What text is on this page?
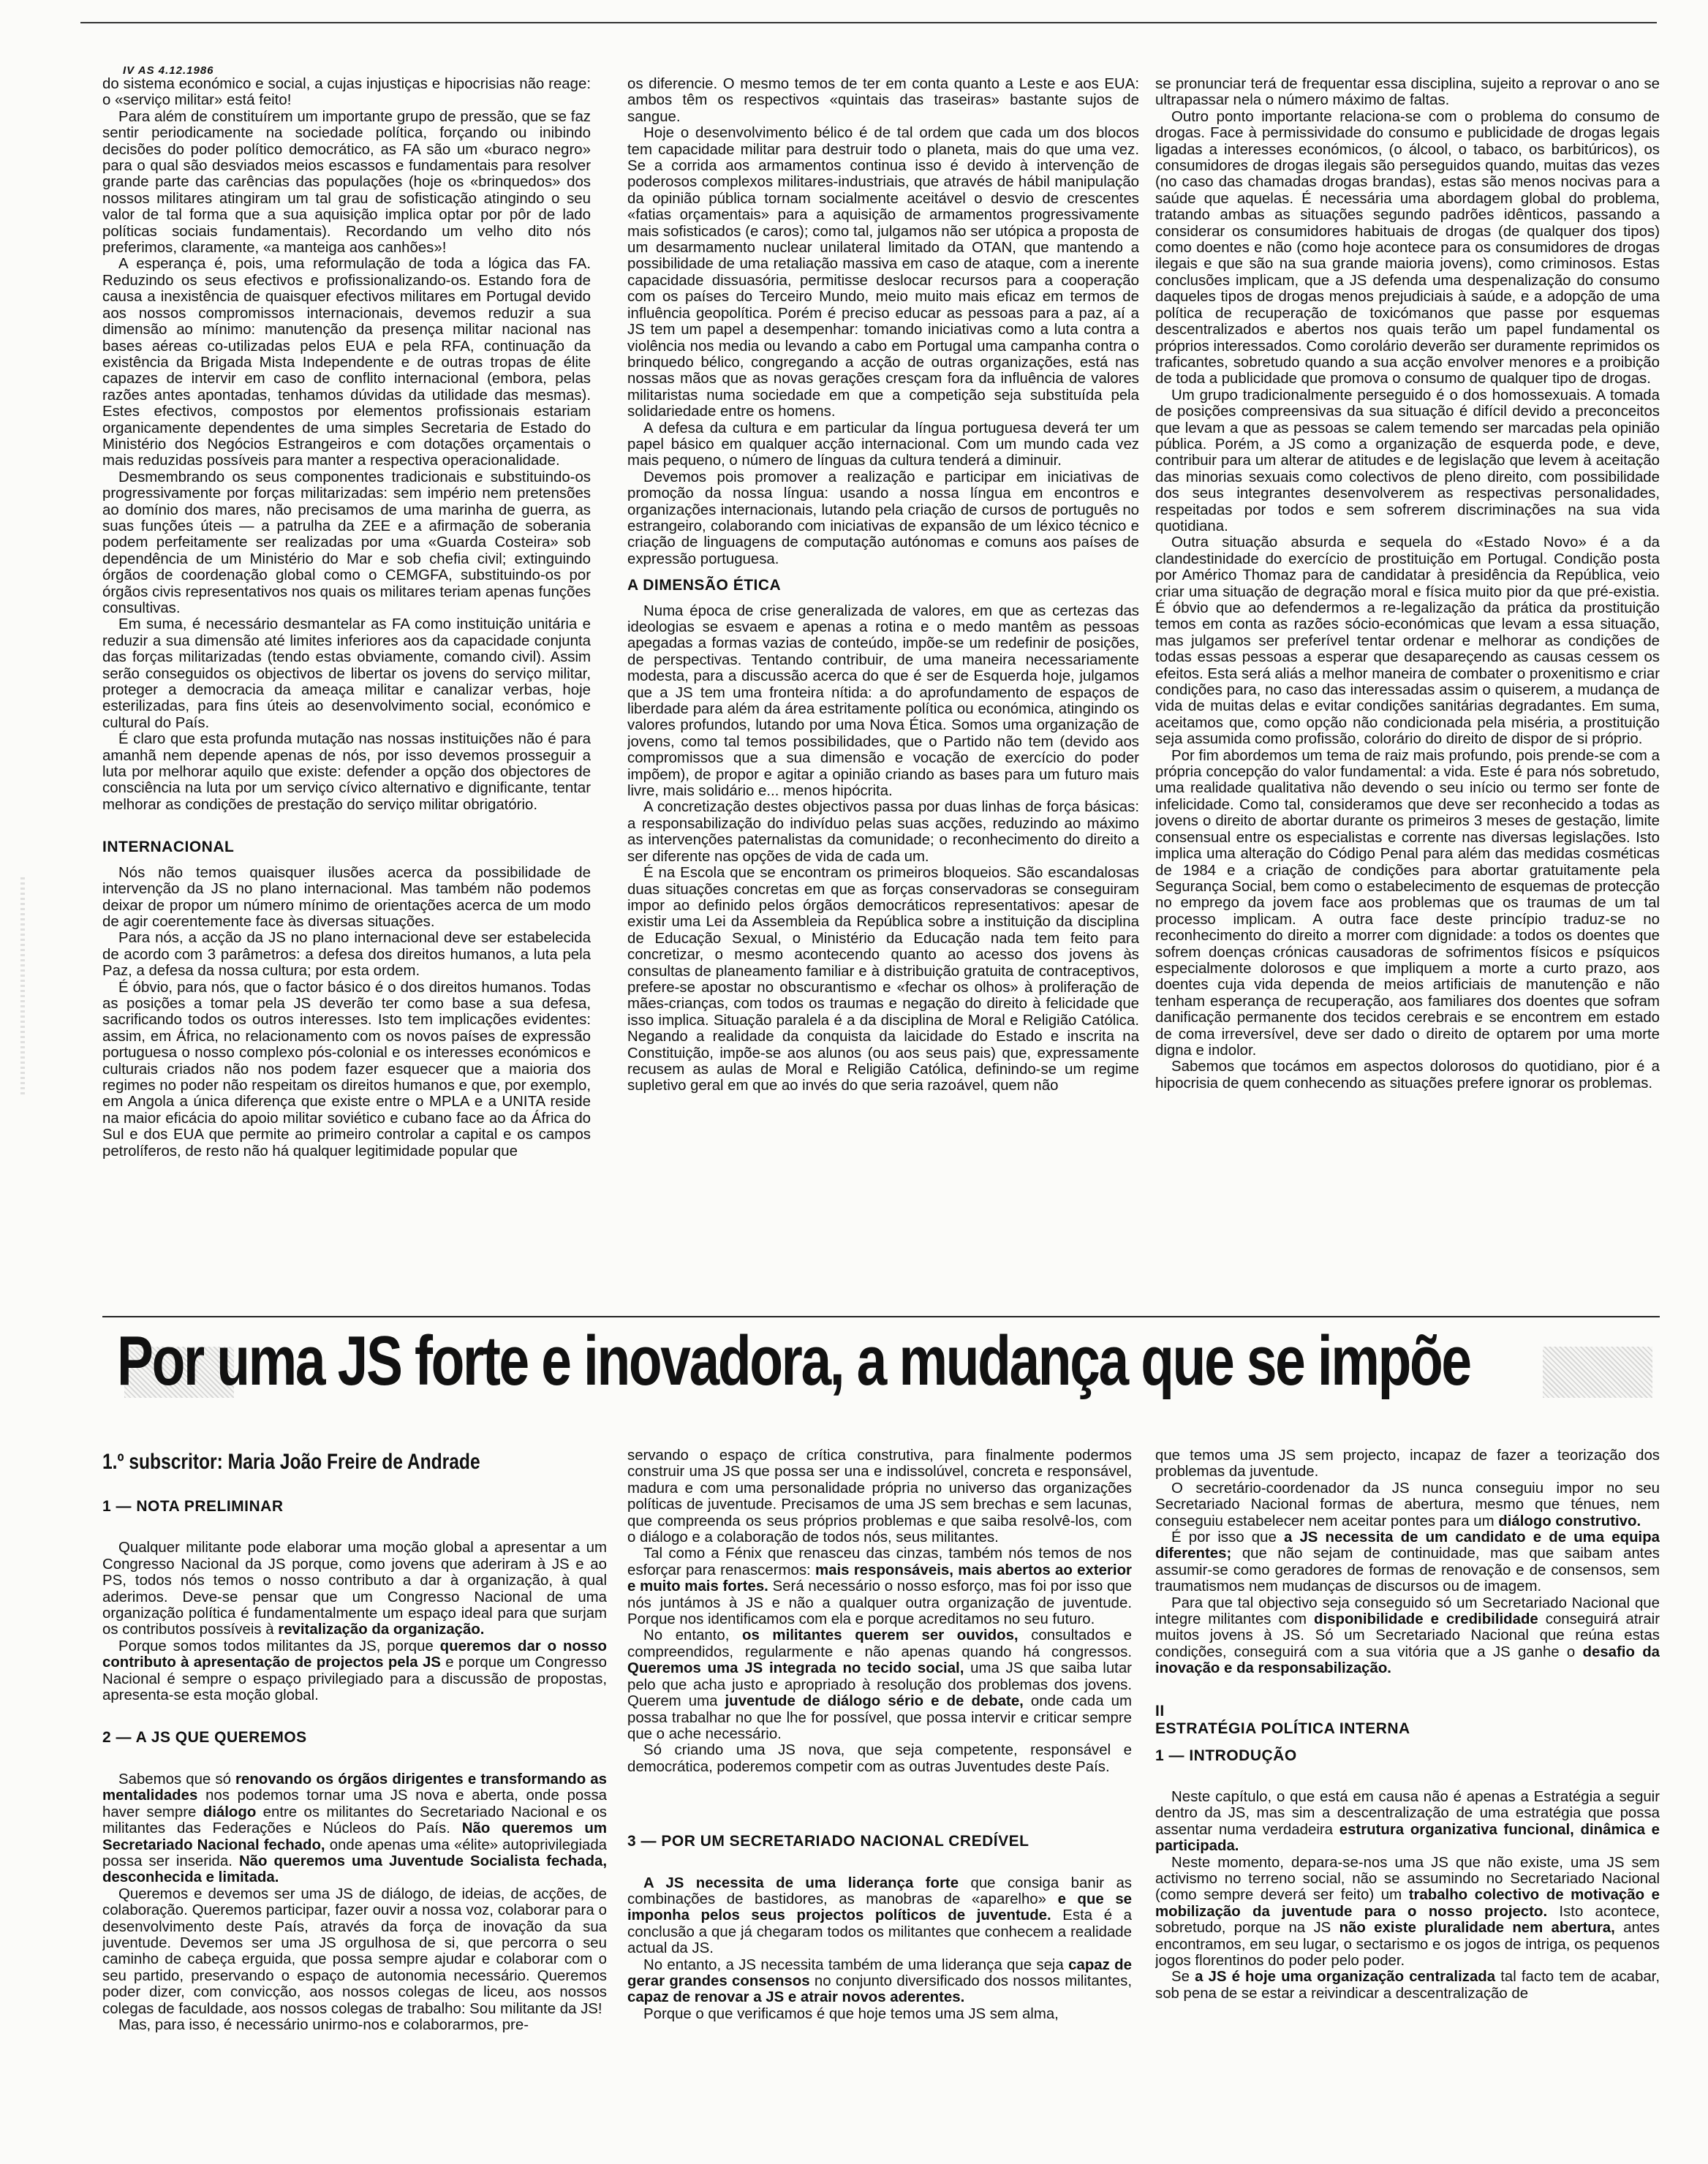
IV AS 4.12.1986

do sistema económico e social, a cujas injustiças e hipocrisias não reage: o «serviço militar» está feito!

Para além de constituírem um importante grupo de pressão, que se faz sentir periodicamente na sociedade política, forçando ou inibindo decisões do poder político democrático, as FA são um «buraco negro» para o qual são desviados meios escassos e fundamentais para resolver grande parte das carências das populações (hoje os «brinquedos» dos nossos militares atingiram um tal grau de sofisticação atingindo o seu valor de tal forma que a sua aquisição implica optar por pôr de lado políticas sociais fundamentais). Recordando um velho dito nós preferimos, claramente, «a manteiga aos canhões»!

A esperança é, pois, uma reformulação de toda a lógica das FA. Reduzindo os seus efectivos e profissionalizando-os. Estando fora de causa a inexistência de quaisquer efectivos militares em Portugal devido aos nossos compromissos internacionais, devemos reduzir a sua dimensão ao mínimo: manutenção da presença militar nacional nas bases aéreas co-utilizadas pelos EUA e pela RFA, continuação da existência da Brigada Mista Independente e de outras tropas de élite capazes de intervir em caso de conflito internacional (embora, pelas razões antes apontadas, tenhamos dúvidas da utilidade das mesmas). Estes efectivos, compostos por elementos profissionais estariam organicamente dependentes de uma simples Secretaria de Estado do Ministério dos Negócios Estrangeiros e com dotações orçamentais o mais reduzidas possíveis para manter a respectiva operacionalidade.

Desmembrando os seus componentes tradicionais e substituindo-os progressivamente por forças militarizadas: sem império nem pretensões ao domínio dos mares, não precisamos de uma marinha de guerra, as suas funções úteis — a patrulha da ZEE e a afirmação de soberania podem perfeitamente ser realizadas por uma «Guarda Costeira» sob dependência de um Ministério do Mar e sob chefia civil; extinguindo órgãos de coordenação global como o CEMGFA, substituindo-os por órgãos civis representativos nos quais os militares teriam apenas funções consultivas.

Em suma, é necessário desmantelar as FA como instituição unitária e reduzir a sua dimensão até limites inferiores aos da capacidade conjunta das forças militarizadas (tendo estas obviamente, comando civil). Assim serão conseguidos os objectivos de libertar os jovens do serviço militar, proteger a democracia da ameaça militar e canalizar verbas, hoje esterilizadas, para fins úteis ao desenvolvimento social, económico e cultural do País.

É claro que esta profunda mutação nas nossas instituições não é para amanhã nem depende apenas de nós, por isso devemos prosseguir a luta por melhorar aquilo que existe: defender a opção dos objectores de consciência na luta por um serviço cívico alternativo e dignificante, tentar melhorar as condições de prestação do serviço militar obrigatório.

INTERNACIONAL

Nós não temos quaisquer ilusões acerca da possibilidade de intervenção da JS no plano internacional. Mas também não podemos deixar de propor um número mínimo de orientações acerca de um modo de agir coerentemente face às diversas situações.

Para nós, a acção da JS no plano internacional deve ser estabelecida de acordo com 3 parâmetros: a defesa dos direitos humanos, a luta pela Paz, a defesa da nossa cultura; por esta ordem.

É óbvio, para nós, que o factor básico é o dos direitos humanos. Todas as posições a tomar pela JS deverão ter como base a sua defesa, sacrificando todos os outros interesses. Isto tem implicações evidentes: assim, em África, no relacionamento com os novos países de expressão portuguesa o nosso complexo pós-colonial e os interesses económicos e culturais criados não nos podem fazer esquecer que a maioria dos regimes no poder não respeitam os direitos humanos e que, por exemplo, em Angola a única diferença que existe entre o MPLA e a UNITA reside na maior eficácia do apoio militar soviético e cubano face ao da África do Sul e dos EUA que permite ao primeiro controlar a capital e os campos petrolíferos, de resto não há qualquer legitimidade popular que

os diferencie. O mesmo temos de ter em conta quanto a Leste e aos EUA: ambos têm os respectivos «quintais das traseiras» bastante sujos de sangue.

Hoje o desenvolvimento bélico é de tal ordem que cada um dos blocos tem capacidade militar para destruir todo o planeta, mais do que uma vez. Se a corrida aos armamentos continua isso é devido à intervenção de poderosos complexos militares-industriais, que através de hábil manipulação da opinião pública tornam socialmente aceitável o desvio de crescentes «fatias orçamentais» para a aquisição de armamentos progressivamente mais sofisticados (e caros); como tal, julgamos não ser utópica a proposta de um desarmamento nuclear unilateral limitado da OTAN, que mantendo a possibilidade de uma retaliação massiva em caso de ataque, com a inerente capacidade dissuasória, permitisse deslocar recursos para a cooperação com os países do Terceiro Mundo, meio muito mais eficaz em termos de influência geopolítica. Porém é preciso educar as pessoas para a paz, aí a JS tem um papel a desempenhar: tomando iniciativas como a luta contra a violência nos media ou levando a cabo em Portugal uma campanha contra o brinquedo bélico, congregando a acção de outras organizações, está nas nossas mãos que as novas gerações cresçam fora da influência de valores militaristas numa sociedade em que a competição seja substituída pela solidariedade entre os homens.

A defesa da cultura e em particular da língua portuguesa deverá ter um papel básico em qualquer acção internacional. Com um mundo cada vez mais pequeno, o número de línguas da cultura tenderá a diminuir.

Devemos pois promover a realização e participar em iniciativas de promoção da nossa língua: usando a nossa língua em encontros e organizações internacionais, lutando pela criação de cursos de português no estrangeiro, colaborando com iniciativas de expansão de um léxico técnico e criação de linguagens de computação autónomas e comuns aos países de expressão portuguesa.

A DIMENSÃO ÉTICA

Numa época de crise generalizada de valores, em que as certezas das ideologias se esvaem e apenas a rotina e o medo mantêm as pessoas apegadas a formas vazias de conteúdo, impõe-se um redefinir de posições, de perspectivas. Tentando contribuir, de uma maneira necessariamente modesta, para a discussão acerca do que é ser de Esquerda hoje, julgamos que a JS tem uma fronteira nítida: a do aprofundamento de espaços de liberdade para além da área estritamente política ou económica, atingindo os valores profundos, lutando por uma Nova Ética. Somos uma organização de jovens, como tal temos possibilidades, que o Partido não tem (devido aos compromissos que a sua dimensão e vocação de exercício do poder impõem), de propor e agitar a opinião criando as bases para um futuro mais livre, mais solidário e... menos hipócrita.

A concretização destes objectivos passa por duas linhas de força básicas: a responsabilização do indivíduo pelas suas acções, reduzindo ao máximo as intervenções paternalistas da comunidade; o reconhecimento do direito a ser diferente nas opções de vida de cada um.

É na Escola que se encontram os primeiros bloqueios. São escandalosas duas situações concretas em que as forças conservadoras se conseguiram impor ao definido pelos órgãos democráticos representativos: apesar de existir uma Lei da Assembleia da República sobre a instituição da disciplina de Educação Sexual, o Ministério da Educação nada tem feito para concretizar, o mesmo acontecendo quanto ao acesso dos jovens às consultas de planeamento familiar e à distribuição gratuita de contraceptivos, prefere-se apostar no obscurantismo e «fechar os olhos» à proliferação de mães-crianças, com todos os traumas e negação do direito à felicidade que isso implica. Situação paralela é a da disciplina de Moral e Religião Católica. Negando a realidade da conquista da laicidade do Estado e inscrita na Constituição, impõe-se aos alunos (ou aos seus pais) que, expressamente recusem as aulas de Moral e Religião Católica, definindo-se um regime supletivo geral em que ao invés do que seria razoável, quem não

se pronunciar terá de frequentar essa disciplina, sujeito a reprovar o ano se ultrapassar nela o número máximo de faltas.

Outro ponto importante relaciona-se com o problema do consumo de drogas. Face à permissividade do consumo e publicidade de drogas legais ligadas a interesses económicos, (o álcool, o tabaco, os barbitúricos), os consumidores de drogas ilegais são perseguidos quando, muitas das vezes (no caso das chamadas drogas brandas), estas são menos nocivas para a saúde que aquelas. É necessária uma abordagem global do problema, tratando ambas as situações segundo padrões idênticos, passando a considerar os consumidores habituais de drogas (de qualquer dos tipos) como doentes e não (como hoje acontece para os consumidores de drogas ilegais e que são na sua grande maioria jovens), como criminosos. Estas conclusões implicam, que a JS defenda uma despenalização do consumo daqueles tipos de drogas menos prejudiciais à saúde, e a adopção de uma política de recuperação de toxicómanos que passe por esquemas descentralizados e abertos nos quais terão um papel fundamental os próprios interessados. Como corolário deverão ser duramente reprimidos os traficantes, sobretudo quando a sua acção envolver menores e a proibição de toda a publicidade que promova o consumo de qualquer tipo de drogas.

Um grupo tradicionalmente perseguido é o dos homossexuais. A tomada de posições compreensivas da sua situação é difícil devido a preconceitos que levam a que as pessoas se calem temendo ser marcadas pela opinião pública. Porém, a JS como a organização de esquerda pode, e deve, contribuir para um alterar de atitudes e de legislação que levem à aceitação das minorias sexuais como colectivos de pleno direito, com possibilidade dos seus integrantes desenvolverem as respectivas personalidades, respeitadas por todos e sem sofrerem discriminações na sua vida quotidiana.

Outra situação absurda e sequela do «Estado Novo» é a da clandestinidade do exercício de prostituição em Portugal. Condição posta por Américo Thomaz para de candidatar à presidência da República, veio criar uma situação de degração moral e física muito pior da que pré-existia. É óbvio que ao defendermos a re-legalização da prática da prostituição temos em conta as razões sócio-económicas que levam a essa situação, mas julgamos ser preferível tentar ordenar e melhorar as condições de todas essas pessoas a esperar que desapareçendo as causas cessem os efeitos. Esta será aliás a melhor maneira de combater o proxenitismo e criar condições para, no caso das interessadas assim o quiserem, a mudança de vida de muitas delas e evitar condições sanitárias degradantes. Em suma, aceitamos que, como opção não condicionada pela miséria, a prostituição seja assumida como profissão, colorário do direito de dispor de si próprio.

Por fim abordemos um tema de raiz mais profundo, pois prende-se com a própria concepção do valor fundamental: a vida. Este é para nós sobretudo, uma realidade qualitativa não devendo o seu início ou termo ser fonte de infelicidade. Como tal, consideramos que deve ser reconhecido a todas as jovens o direito de abortar durante os primeiros 3 meses de gestação, limite consensual entre os especialistas e corrente nas diversas legislações. Isto implica uma alteração do Código Penal para além das medidas cosméticas de 1984 e a criação de condições para abortar gratuitamente pela Segurança Social, bem como o estabelecimento de esquemas de protecção no emprego da jovem face aos problemas que os traumas de um tal processo implicam. A outra face deste princípio traduz-se no reconhecimento do direito a morrer com dignidade: a todos os doentes que sofrem doenças crónicas causadoras de sofrimentos físicos e psíquicos especialmente dolorosos e que impliquem a morte a curto prazo, aos doentes cuja vida dependa de meios artificiais de manutenção e não tenham esperança de recuperação, aos familiares dos doentes que sofram danificação permanente dos tecidos cerebrais e se encontrem em estado de coma irreversível, deve ser dado o direito de optarem por uma morte digna e indolor.

Sabemos que tocámos em aspectos dolorosos do quotidiano, pior é a hipocrisia de quem conhecendo as situações prefere ignorar os problemas.

Por uma JS forte e inovadora, a mudança que se impõe
1.º subscritor: Maria João Freire de Andrade
1 — NOTA PRELIMINAR

Qualquer militante pode elaborar uma moção global a apresentar a um Congresso Nacional da JS porque, como jovens que aderiram à JS e ao PS, todos nós temos o nosso contributo a dar à organização, à qual aderimos. Deve-se pensar que um Congresso Nacional de uma organização política é fundamentalmente um espaço ideal para que surjam os contributos possíveis à revitalização da organização.

Porque somos todos militantes da JS, porque queremos dar o nosso contributo à apresentação de projectos pela JS e porque um Congresso Nacional é sempre o espaço privilegiado para a discussão de propostas, apresenta-se esta moção global.

2 — A JS QUE QUEREMOS

Sabemos que só renovando os órgãos dirigentes e transformando as mentalidades nos podemos tornar uma JS nova e aberta, onde possa haver sempre diálogo entre os militantes do Secretariado Nacional e os militantes das Federações e Núcleos do País. Não queremos um Secretariado Nacional fechado, onde apenas uma «élite» autoprivilegiada possa ser inserida. Não queremos uma Juventude Socialista fechada, desconhecida e limitada.

Queremos e devemos ser uma JS de diálogo, de ideias, de acções, de colaboração. Queremos participar, fazer ouvir a nossa voz, colaborar para o desenvolvimento deste País, através da força de inovação da sua juventude. Devemos ser uma JS orgulhosa de si, que percorra o seu caminho de cabeça erguida, que possa sempre ajudar e colaborar com o seu partido, preservando o espaço de autonomia necessário. Queremos poder dizer, com convicção, aos nossos colegas de liceu, aos nossos colegas de faculdade, aos nossos colegas de trabalho: Sou militante da JS!

Mas, para isso, é necessário unirmo-nos e colaborarmos, pre-

servando o espaço de crítica construtiva, para finalmente podermos construir uma JS que possa ser una e indissolúvel, concreta e responsável, madura e com uma personalidade própria no universo das organizações políticas de juventude. Precisamos de uma JS sem brechas e sem lacunas, que compreenda os seus próprios problemas e que saiba resolvê-los, com o diálogo e a colaboração de todos nós, seus militantes.

Tal como a Fénix que renasceu das cinzas, também nós temos de nos esforçar para renascermos: mais responsáveis, mais abertos ao exterior e muito mais fortes. Será necessário o nosso esforço, mas foi por isso que nós juntámos à JS e não a qualquer outra organização de juventude. Porque nos identificamos com ela e porque acreditamos no seu futuro.

No entanto, os militantes querem ser ouvidos, consultados e compreendidos, regularmente e não apenas quando há congressos. Queremos uma JS integrada no tecido social, uma JS que saiba lutar pelo que acha justo e apropriado à resolução dos problemas dos jovens. Querem uma juventude de diálogo sério e de debate, onde cada um possa trabalhar no que lhe for possível, que possa intervir e criticar sempre que o ache necessário.

Só criando uma JS nova, que seja competente, responsável e democrática, poderemos competir com as outras Juventudes deste País.

3 — POR UM SECRETARIADO NACIONAL CREDÍVEL

A JS necessita de uma liderança forte que consiga banir as combinações de bastidores, as manobras de «aparelho» e que se imponha pelos seus projectos políticos de juventude. Esta é a conclusão a que já chegaram todos os militantes que conhecem a realidade actual da JS.

No entanto, a JS necessita também de uma liderança que seja capaz de gerar grandes consensos no conjunto diversificado dos nossos militantes, capaz de renovar a JS e atrair novos aderentes.

Porque o que verificamos é que hoje temos uma JS sem alma,

que temos uma JS sem projecto, incapaz de fazer a teorização dos problemas da juventude.

O secretário-coordenador da JS nunca conseguiu impor no seu Secretariado Nacional formas de abertura, mesmo que ténues, nem conseguiu estabelecer nem aceitar pontes para um diálogo construtivo.

É por isso que a JS necessita de um candidato e de uma equipa diferentes; que não sejam de continuidade, mas que saibam antes assumir-se como geradores de formas de renovação e de consensos, sem traumatismos nem mudanças de discursos ou de imagem.

Para que tal objectivo seja conseguido só um Secretariado Nacional que integre militantes com disponibilidade e credibilidade conseguirá atrair muitos jovens à JS. Só um Secretariado Nacional que reúna estas condições, conseguirá com a sua vitória que a JS ganhe o desafio da inovação e da responsabilização.

II
ESTRATÉGIA POLÍTICA INTERNA
1 — INTRODUÇÃO

Neste capítulo, o que está em causa não é apenas a Estratégia a seguir dentro da JS, mas sim a descentralização de uma estratégia que possa assentar numa verdadeira estrutura organizativa funcional, dinâmica e participada.

Neste momento, depara-se-nos uma JS que não existe, uma JS sem activismo no terreno social, não se assumindo no Secretariado Nacional (como sempre deverá ser feito) um trabalho colectivo de motivação e mobilização da juventude para o nosso projecto. Isto acontece, sobretudo, porque na JS não existe pluralidade nem abertura, antes encontramos, em seu lugar, o sectarismo e os jogos de intriga, os pequenos jogos florentinos do poder pelo poder.

Se a JS é hoje uma organização centralizada tal facto tem de acabar, sob pena de se estar a reivindicar a descentralização de
